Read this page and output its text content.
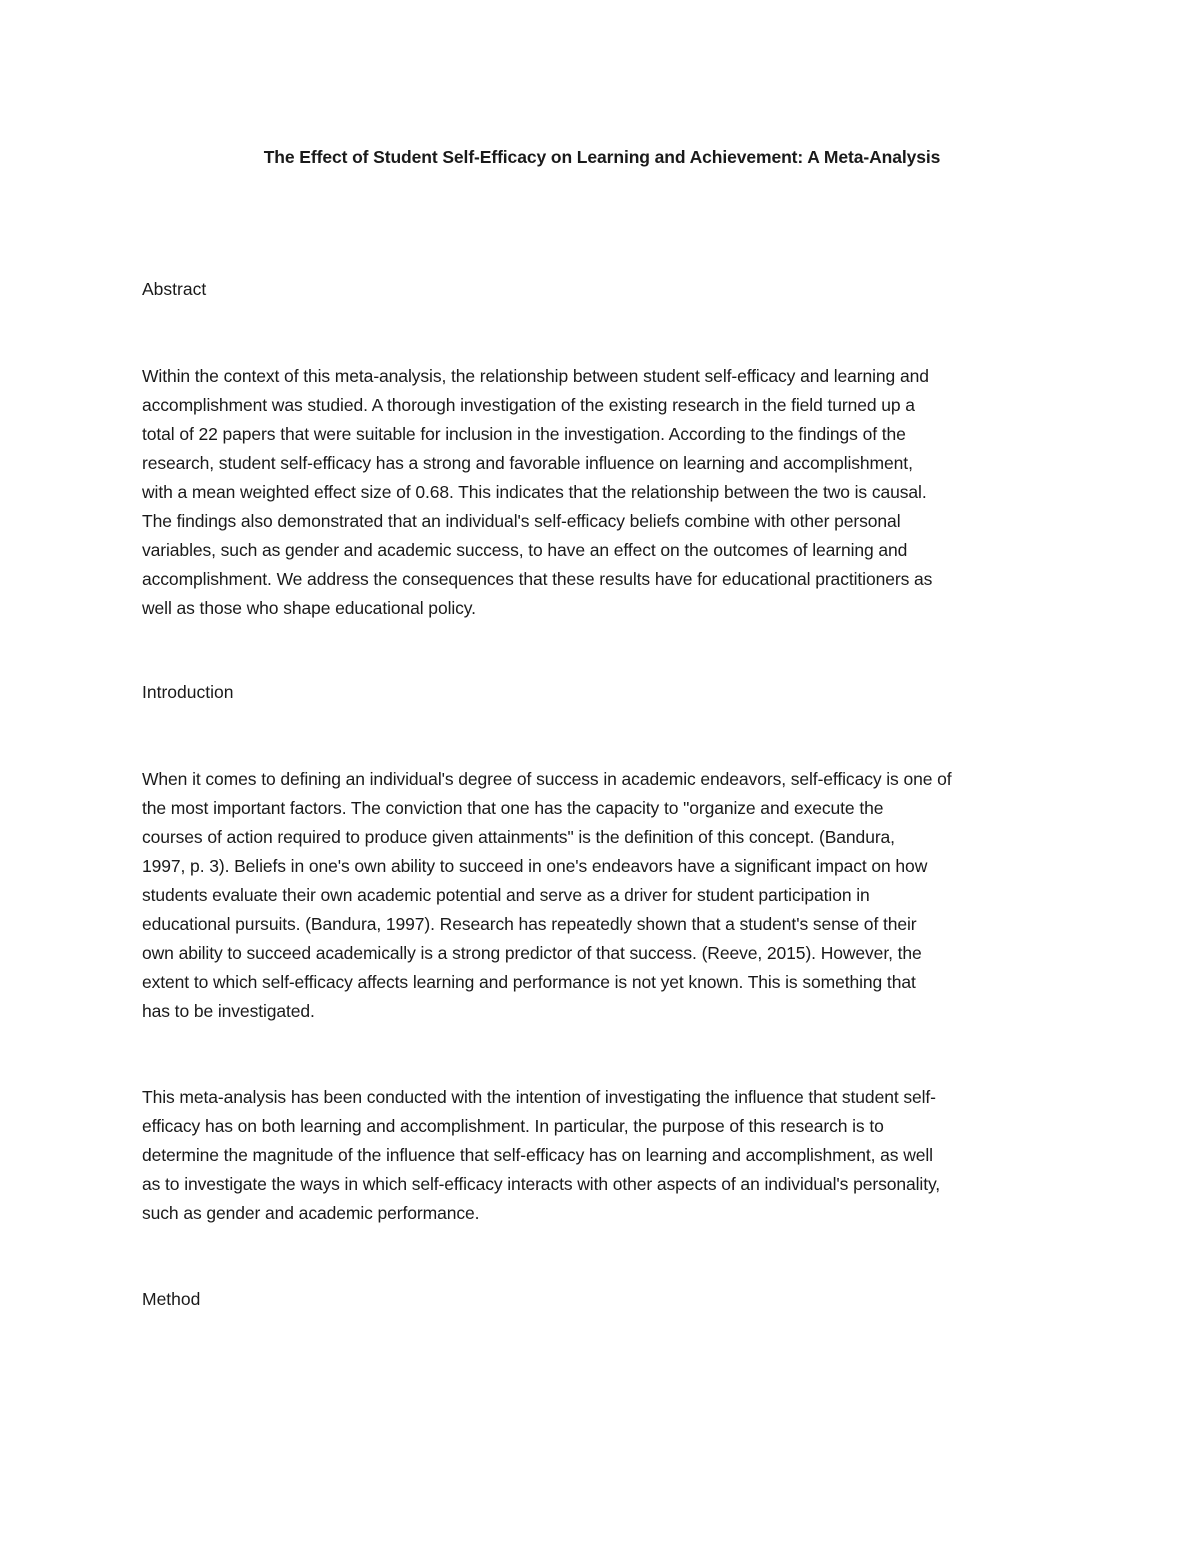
The Effect of Student Self-Efficacy on Learning and Achievement: A Meta-Analysis
Abstract
Within the context of this meta-analysis, the relationship between student self-efficacy and learning and
accomplishment was studied. A thorough investigation of the existing research in the field turned up a
total of 22 papers that were suitable for inclusion in the investigation. According to the findings of the
research, student self-efficacy has a strong and favorable influence on learning and accomplishment,
with a mean weighted effect size of 0.68. This indicates that the relationship between the two is causal.
The findings also demonstrated that an individual's self-efficacy beliefs combine with other personal
variables, such as gender and academic success, to have an effect on the outcomes of learning and
accomplishment. We address the consequences that these results have for educational practitioners as
well as those who shape educational policy.
Introduction
When it comes to defining an individual's degree of success in academic endeavors, self-efficacy is one of
the most important factors. The conviction that one has the capacity to "organize and execute the
courses of action required to produce given attainments" is the definition of this concept. (Bandura,
1997, p. 3). Beliefs in one's own ability to succeed in one's endeavors have a significant impact on how
students evaluate their own academic potential and serve as a driver for student participation in
educational pursuits. (Bandura, 1997). Research has repeatedly shown that a student's sense of their
own ability to succeed academically is a strong predictor of that success. (Reeve, 2015). However, the
extent to which self-efficacy affects learning and performance is not yet known. This is something that
has to be investigated.
This meta-analysis has been conducted with the intention of investigating the influence that student self-
efficacy has on both learning and accomplishment. In particular, the purpose of this research is to
determine the magnitude of the influence that self-efficacy has on learning and accomplishment, as well
as to investigate the ways in which self-efficacy interacts with other aspects of an individual's personality,
such as gender and academic performance.
Method
